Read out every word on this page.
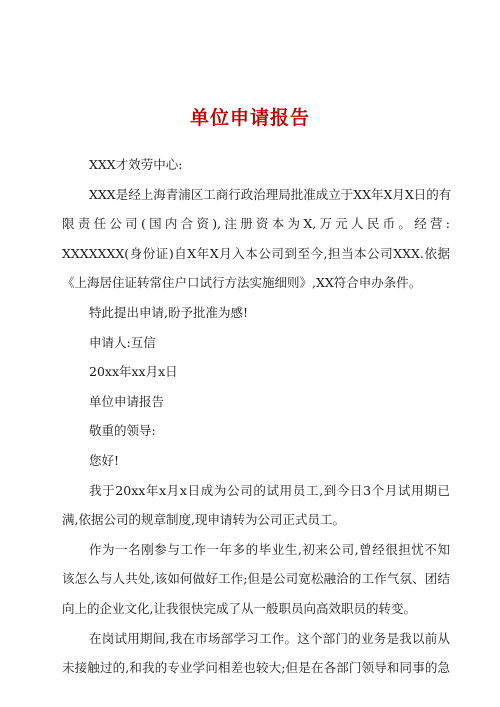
单位申请报告
XXX才效劳中心:
XXX是经上海青浦区工商行政治理局批准成立于XX年X月X日的有
限责任公司(国内合资),注册资本为X,万元人民币。经营:
XXXXXXX(身份证)自X年X月入本公司到至今,担当本公司XXX.依据
《上海居住证转常住户口试行方法实施细则》,XX符合申办条件。
特此提出申请,盼予批准为感!
申请人:互信
20xx年xx月x日
单位申请报告
敬重的领导:
您好!
我于20xx年x月x日成为公司的试用员工,到今日3个月试用期已
满,依据公司的规章制度,现申请转为公司正式员工。
作为一名刚参与工作一年多的毕业生,初来公司,曾经很担忧不知
该怎么与人共处,该如何做好工作;但是公司宽松融洽的工作气氛、团结
向上的企业文化,让我很快完成了从一般职员向高效职员的转变。
在岗试用期间,我在市场部学习工作。这个部门的业务是我以前从
未接触过的,和我的专业学问相差也较大;但是在各部门领导和同事的急
